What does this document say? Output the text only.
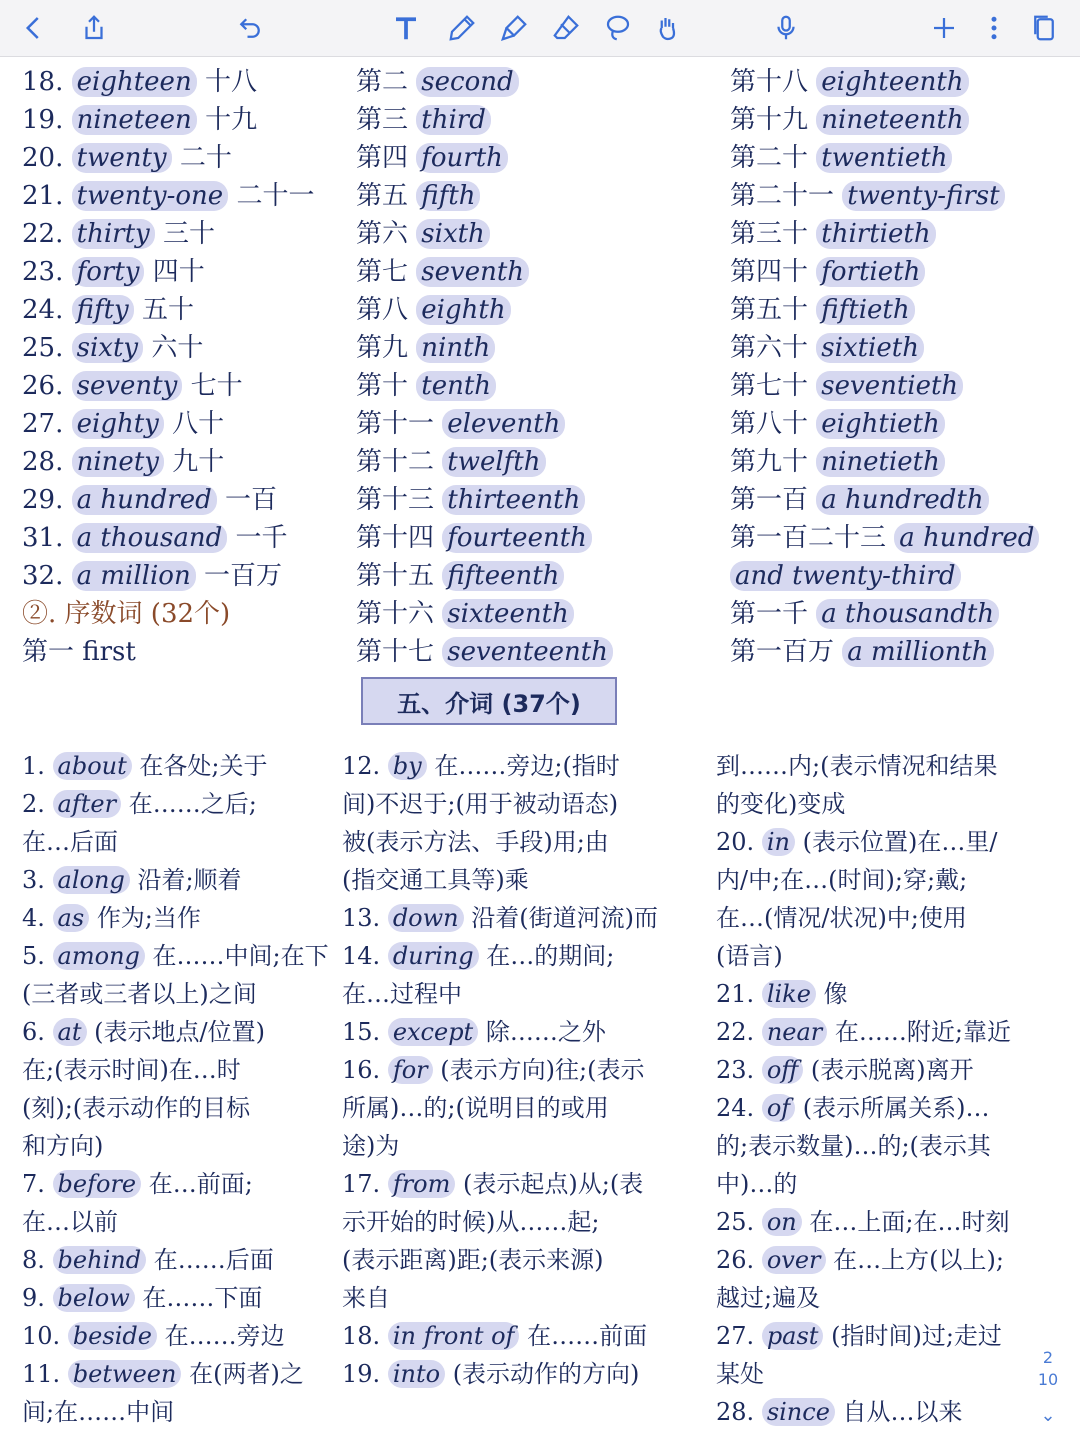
18. eighteen 十八
19. nineteen 十九
20. twenty 二十
21. twenty-one 二十一
22. thirty 三十
23. forty 四十
24. fifty 五十
25. sixty 六十
26. seventy 七十
27. eighty 八十
28. ninety 九十
29. a hundred 一百
31. a thousand 一千
32. a million 一百万
②. 序数词 (32个)
第一 first
第二 second
第三 third
第四 fourth
第五 fifth
第六 sixth
第七 seventh
第八 eighth
第九 ninth
第十 tenth
第十一 eleventh
第十二 twelfth
第十三 thirteenth
第十四 fourteenth
第十五 fifteenth
第十六 sixteenth
第十七 seventeenth
第十八 eighteenth
第十九 nineteenth
第二十 twentieth
第二十一 twenty-first
第三十 thirtieth
第四十 fortieth
第五十 fiftieth
第六十 sixtieth
第七十 seventieth
第八十 eightieth
第九十 ninetieth
第一百 a hundredth
第一百二十三 a hundred
and twenty-third
第一千 a thousandth
第一百万 a millionth
五、介词 (37个)
1. about 在各处;关于
2. after 在……之后;
在…后面
3. along 沿着;顺着
4. as 作为;当作
5. among 在……中间;在下
(三者或三者以上)之间
6. at (表示地点/位置)
在;(表示时间)在…时
(刻);(表示动作的目标
和方向)
7. before 在…前面;
在…以前
8. behind 在……后面
9. below 在……下面
10. beside 在……旁边
11. between 在(两者)之
间;在……中间
12. by 在……旁边;(指时
间)不迟于;(用于被动语态)
被(表示方法、手段)用;由
(指交通工具等)乘
13. down 沿着(街道河流)而
14. during 在…的期间;
在…过程中
15. except 除……之外
16. for (表示方向)往;(表示
所属)…的;(说明目的或用
途)为
17. from (表示起点)从;(表
示开始的时候)从……起;
(表示距离)距;(表示来源)
来自
18. in front of 在……前面
19. into (表示动作的方向)
到……内;(表示情况和结果
的变化)变成
20. in (表示位置)在…里/
内/中;在…(时间);穿;戴;
在…(情况/状况)中;使用
(语言)
21. like 像
22. near 在……附近;靠近
23. off (表示脱离)离开
24. of (表示所属关系)…
的;表示数量)…的;(表示其
中)…的
25. on 在…上面;在…时刻
26. over 在…上方(以上);
越过;遍及
27. past (指时间)过;走过
某处
28. since 自从…以来
2
10
⌄
